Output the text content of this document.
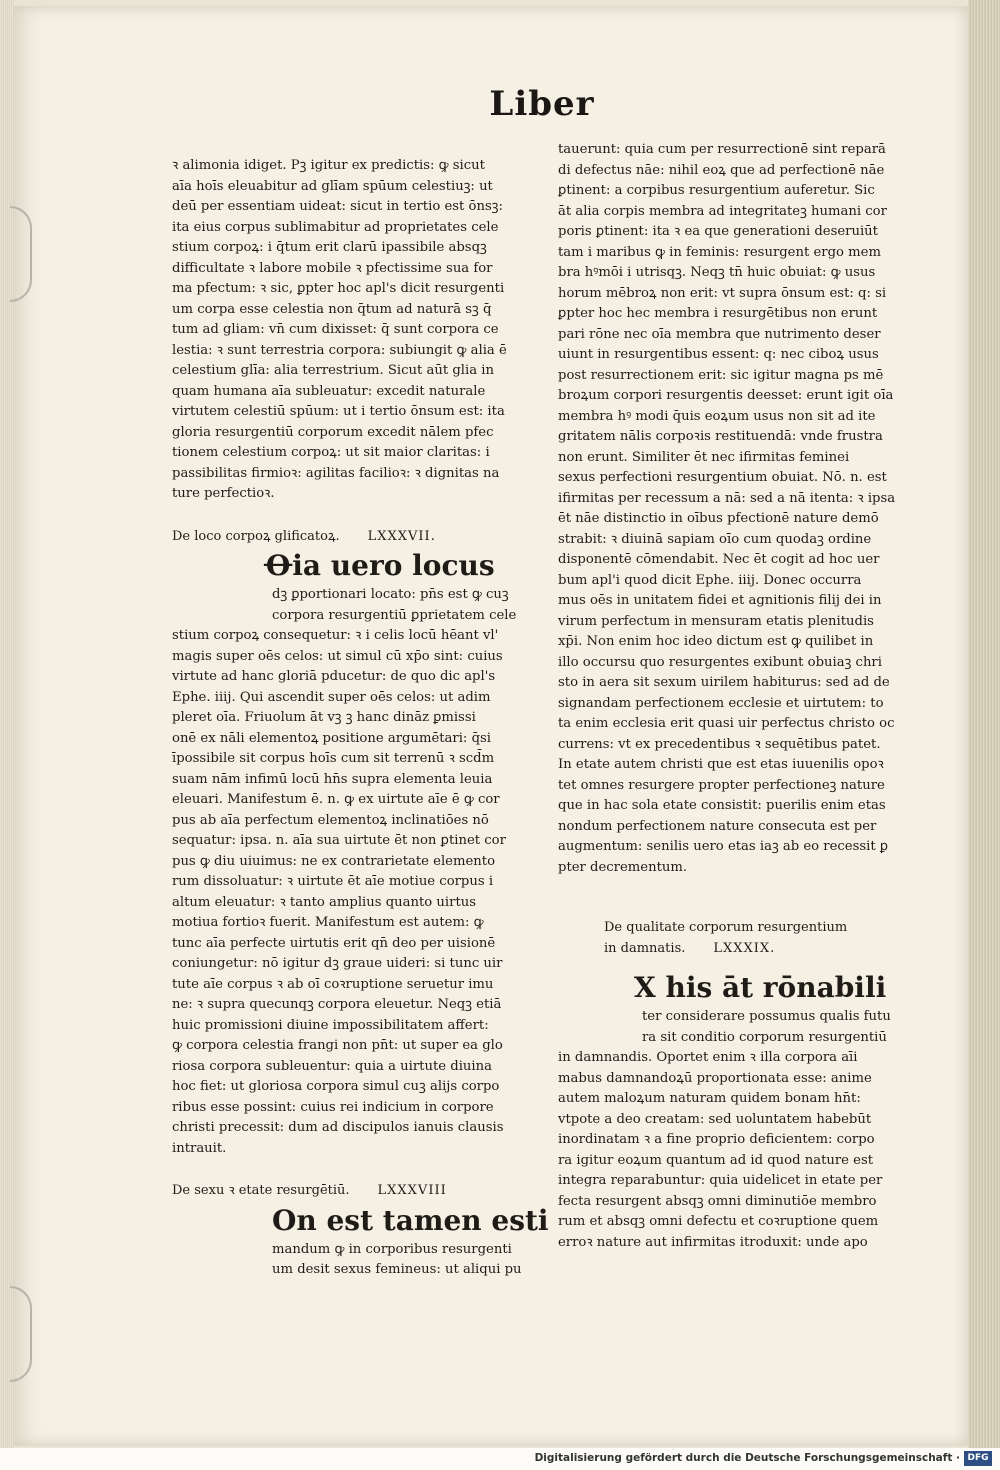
Liber
ꝛ alimonia idiget. Pꝫ igitur ex predictis: ꝙ sicut
aīa hoīs eleuabitur ad glīam spūum celestiuꝫ: ut
deū per essentiam uideat: sicut in tertio est ōnsꝫ:
ita eius corpus sublimabitur ad proprietates cele
stium corpoꝝ: i q̄tum erit clarū ipassibile absqꝫ
difficultate ꝛ labore mobile ꝛ pfectissime sua for
ma pfectum: ꝛ sic, ꝑpter hoc apl's dicit resurgenti
um corpa esse celestia non q̄tum ad naturā sꝫ q̄
tum ad gliam: vn̄ cum dixisset: q̄ sunt corpora ce
lestia: ꝛ sunt terrestria corpora: subiungit ꝙ alia ē
celestium glīa: alia terrestrium. Sicut aūt glia in
quam humana aīa subleuatur: excedit naturale
virtutem celestiū spūum: ut i tertio ōnsum est: ita
gloria resurgentiū corporum excedit nālem pfec
tionem celestium corpoꝝ: ut sit maior claritas: i
passibilitas firmioꝛ: agilitas facilioꝛ: ꝛ dignitas na
ture perfectioꝛ.
De loco corpoꝝ glificatoꝝ. LXXXVII.
Ꝋia uero locus
dꝫ ꝑportionari locato: pn̄s est ꝙ cuꝫ
corpora resurgentiū ꝑprietatem cele
stium corpoꝝ consequetur: ꝛ i celis locū hēant vl'
magis super oēs celos: ut simul cū xp̄o sint: cuius
virtute ad hanc gloriā pducetur: de quo dic apl's
Ephe. iiij. Qui ascendit super oēs celos: ut adim
pleret oīa. Friuolum āt vꝫ ꝫ hanc dināz ꝑmissi
onē ex nāli elementoꝝ positione argumētari: q̄si
īpossibile sit corpus hoīs cum sit terrenū ꝛ scd̄m
suam nām infimū locū hn̄s supra elementa leuia
eleuari. Manifestum ē. n. ꝙ ex uirtute aīe ē ꝙ cor
pus ab aīa perfectum elementoꝝ inclinatiōes nō
sequatur: ipsa. n. aīa sua uirtute ēt non ꝑtinet cor
pus ꝙ diu uiuimus: ne ex contrarietate elemento
rum dissoluatur: ꝛ uirtute ēt aīe motiue corpus i
altum eleuatur: ꝛ tanto amplius quanto uirtus
motiua fortioꝛ fuerit. Manifestum est autem: ꝙ
tunc aīa perfecte uirtutis erit qn̄ deo per uisionē
coniungetur: nō igitur dꝫ graue uideri: si tunc uir
tute aīe corpus ꝛ ab oī coꝛruptione seruetur imu
ne: ꝛ supra quecunqꝫ corpora eleuetur. Neqꝫ etiā
huic promissioni diuine impossibilitatem affert:
ꝙ corpora celestia frangi non pn̄t: ut super ea glo
riosa corpora subleuentur: quia a uirtute diuina
hoc fiet: ut gloriosa corpora simul cuꝫ alijs corpo
ribus esse possint: cuius rei indicium in corpore
christi precessit: dum ad discipulos ianuis clausis
intrauit.
De sexu ꝛ etate resurgētiū. LXXXVIII
On est tamen esti
mandum ꝙ in corporibus resurgenti
um desit sexus femineus: ut aliqui pu
tauerunt: quia cum per resurrectionē sint reparā
di defectus nāe: nihil eoꝝ que ad perfectionē nāe
ꝑtinent: a corpibus resurgentium auferetur. Sic
āt alia corpis membra ad integritateꝫ humani cor
poris ꝑtinent: ita ꝛ ea que generationi deseruiūt
tam i maribus ꝙ in feminis: resurgent ergo mem
bra hꝰmōi i utrisqꝫ. Neqꝫ tn̄ huic obuiat: ꝙ usus
horum mēbroꝝ non erit: vt supra ōnsum est: q: si
ꝑpter hoc hec membra i resurgētibus non erunt
pari rōne nec oīa membra que nutrimento deser
uiunt in resurgentibus essent: q: nec ciboꝝ usus
post resurrectionem erit: sic igitur magna ps mē
broꝝum corpori resurgentis deesset: erunt igit oīa
membra hꝰ modi q̄uis eoꝝum usus non sit ad ite
gritatem nālis corpoꝛis restituendā: vnde frustra
non erunt. Similiter ēt nec ifirmitas feminei
sexus perfectioni resurgentium obuiat. Nō. n. est
ifirmitas per recessum a nā: sed a nā itenta: ꝛ ipsa
ēt nāe distinctio in oībus pfectionē nature demō
strabit: ꝛ diuinā sapiam oīo cum quodaꝫ ordine
disponentē cōmendabit. Nec ēt cogit ad hoc uer
bum apl'i quod dicit Ephe. iiij. Donec occurra
mus oēs in unitatem fidei et agnitionis filij dei in
virum perfectum in mensuram etatis plenitudis
xp̄i. Non enim hoc ideo dictum est ꝙ quilibet in
illo occursu quo resurgentes exibunt obuiaꝫ chri
sto in aera sit sexum uirilem habiturus: sed ad de
signandam perfectionem ecclesie et uirtutem: to
ta enim ecclesia erit quasi uir perfectus christo oc
currens: vt ex precedentibus ꝛ sequētibus patet.
In etate autem christi que est etas iuuenilis opoꝛ
tet omnes resurgere propter perfectioneꝫ nature
que in hac sola etate consistit: puerilis enim etas
nondum perfectionem nature consecuta est per
augmentum: senilis uero etas iaꝫ ab eo recessit ꝑ
pter decrementum.
De qualitate corporum resurgentium
in damnatis. LXXXIX.
X his āt rōnabili
ter considerare possumus qualis futu
ra sit conditio corporum resurgentiū
in damnandis. Oportet enim ꝛ illa corpora aīi
mabus damnandoꝝū proportionata esse: anime
autem maloꝝum naturam quidem bonam hn̄t:
vtpote a deo creatam: sed uoluntatem habebūt
inordinatam ꝛ a fine proprio deficientem: corpo
ra igitur eoꝝum quantum ad id quod nature est
integra reparabuntur: quia uidelicet in etate per
fecta resurgent absqꝫ omni diminutiōe membro
rum et absqꝫ omni defectu et coꝛruptione quem
erroꝛ nature aut infirmitas itroduxit: unde apo
Digitalisierung gefördert durch die Deutsche Forschungsgemeinschaft · DFG
